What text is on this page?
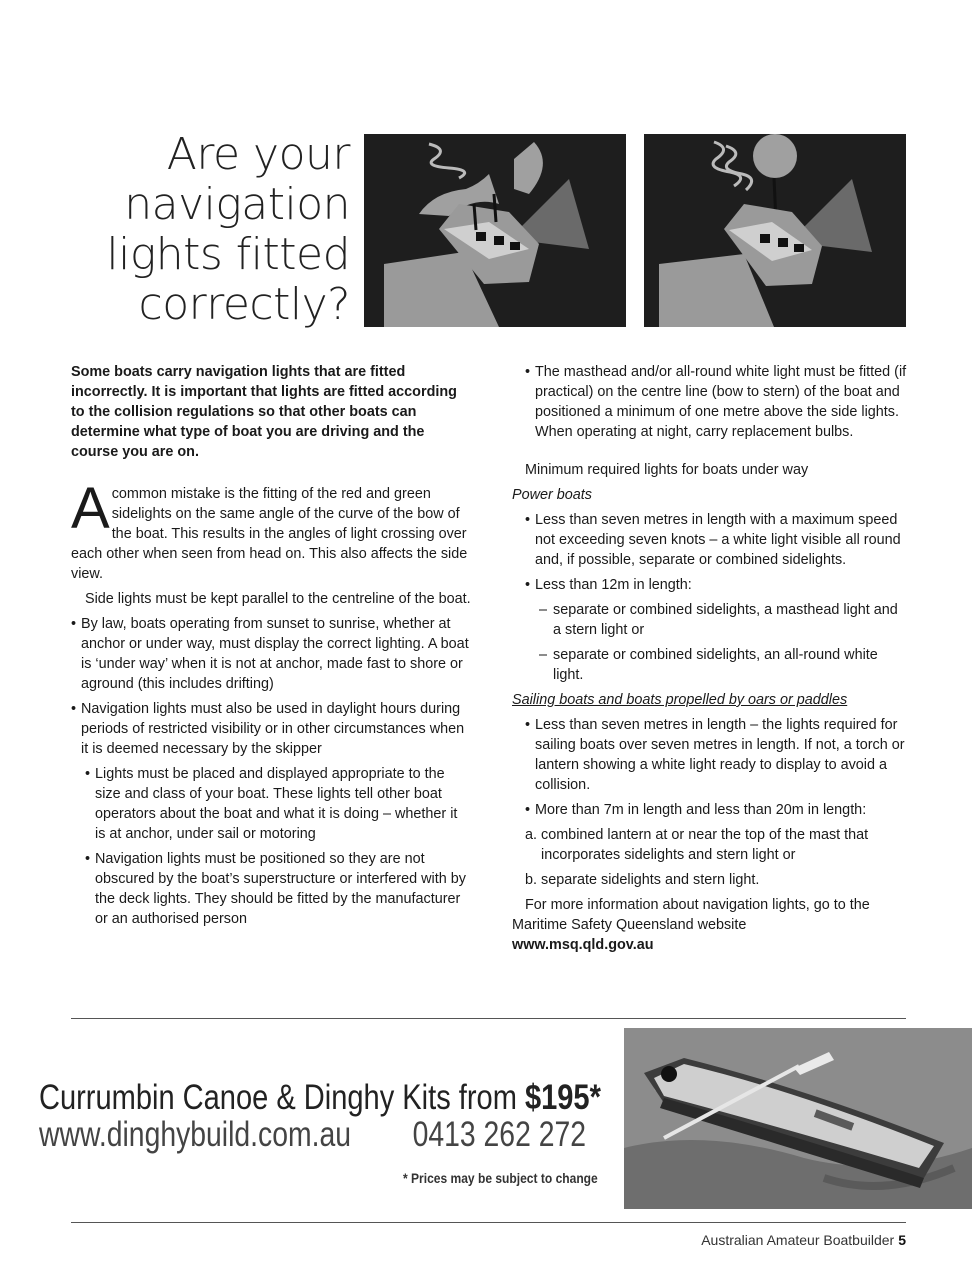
Are your
navigation
lights fitted
correctly?

Some boats carry navigation lights that are fitted incorrectly. It is important that lights are fitted according to the collision regulations so that other boats can determine what type of boat you are driving and the course you are on.

Acommon mistake is the fitting of the red and green sidelights on the same angle of the curve of the bow of the boat. This results in the angles of light crossing over each other when seen from head on. This also affects the side view.

Side lights must be kept parallel to the centreline of the boat.

• By law, boats operating from sunset to sunrise, whether at anchor or under way, must display the correct lighting. A boat is ‘under way’ when it is not at anchor, made fast to shore or aground (this includes drifting)

• Navigation lights must also be used in daylight hours during periods of restricted visibility or in other circumstances when it is deemed necessary by the skipper

• Lights must be placed and displayed appropriate to the size and class of your boat. These lights tell other boat operators about the boat and what it is doing – whether it is at anchor, under sail or motoring

• Navigation lights must be positioned so they are not obscured by the boat’s superstructure or interfered with by the deck lights. They should be fitted by the manufacturer or an authorised person
• The masthead and/or all-round white light must be fitted (if practical) on the centre line (bow to stern) of the boat and positioned a minimum of one metre above the side lights. When operating at night, carry replacement bulbs.

Minimum required lights for boats under way

Power boats

• Less than seven metres in length with a maximum speed not exceeding seven knots – a white light visible all round and, if possible, separate or combined sidelights.

• Less than 12m in length:

– separate or combined sidelights, a masthead light and a stern light or

– separate or combined sidelights, an all-round white light.

Sailing boats and boats propelled by oars or paddles

• Less than seven metres in length – the lights required for sailing boats over seven metres in length. If not, a torch or lantern showing a white light ready to display to avoid a collision.

• More than 7m in length and less than 20m in length:

a. combined lantern at or near the top of the mast that incorporates sidelights and stern light or

b. separate sidelights and stern light.

For more information about navigation lights, go to the Maritime Safety Queensland website

www.msq.qld.gov.au

Currumbin Canoe & Dinghy Kits from $195*
www.dinghybuild.com.au 0413 262 272
* Prices may be subject to change
Australian Amateur Boatbuilder 5
